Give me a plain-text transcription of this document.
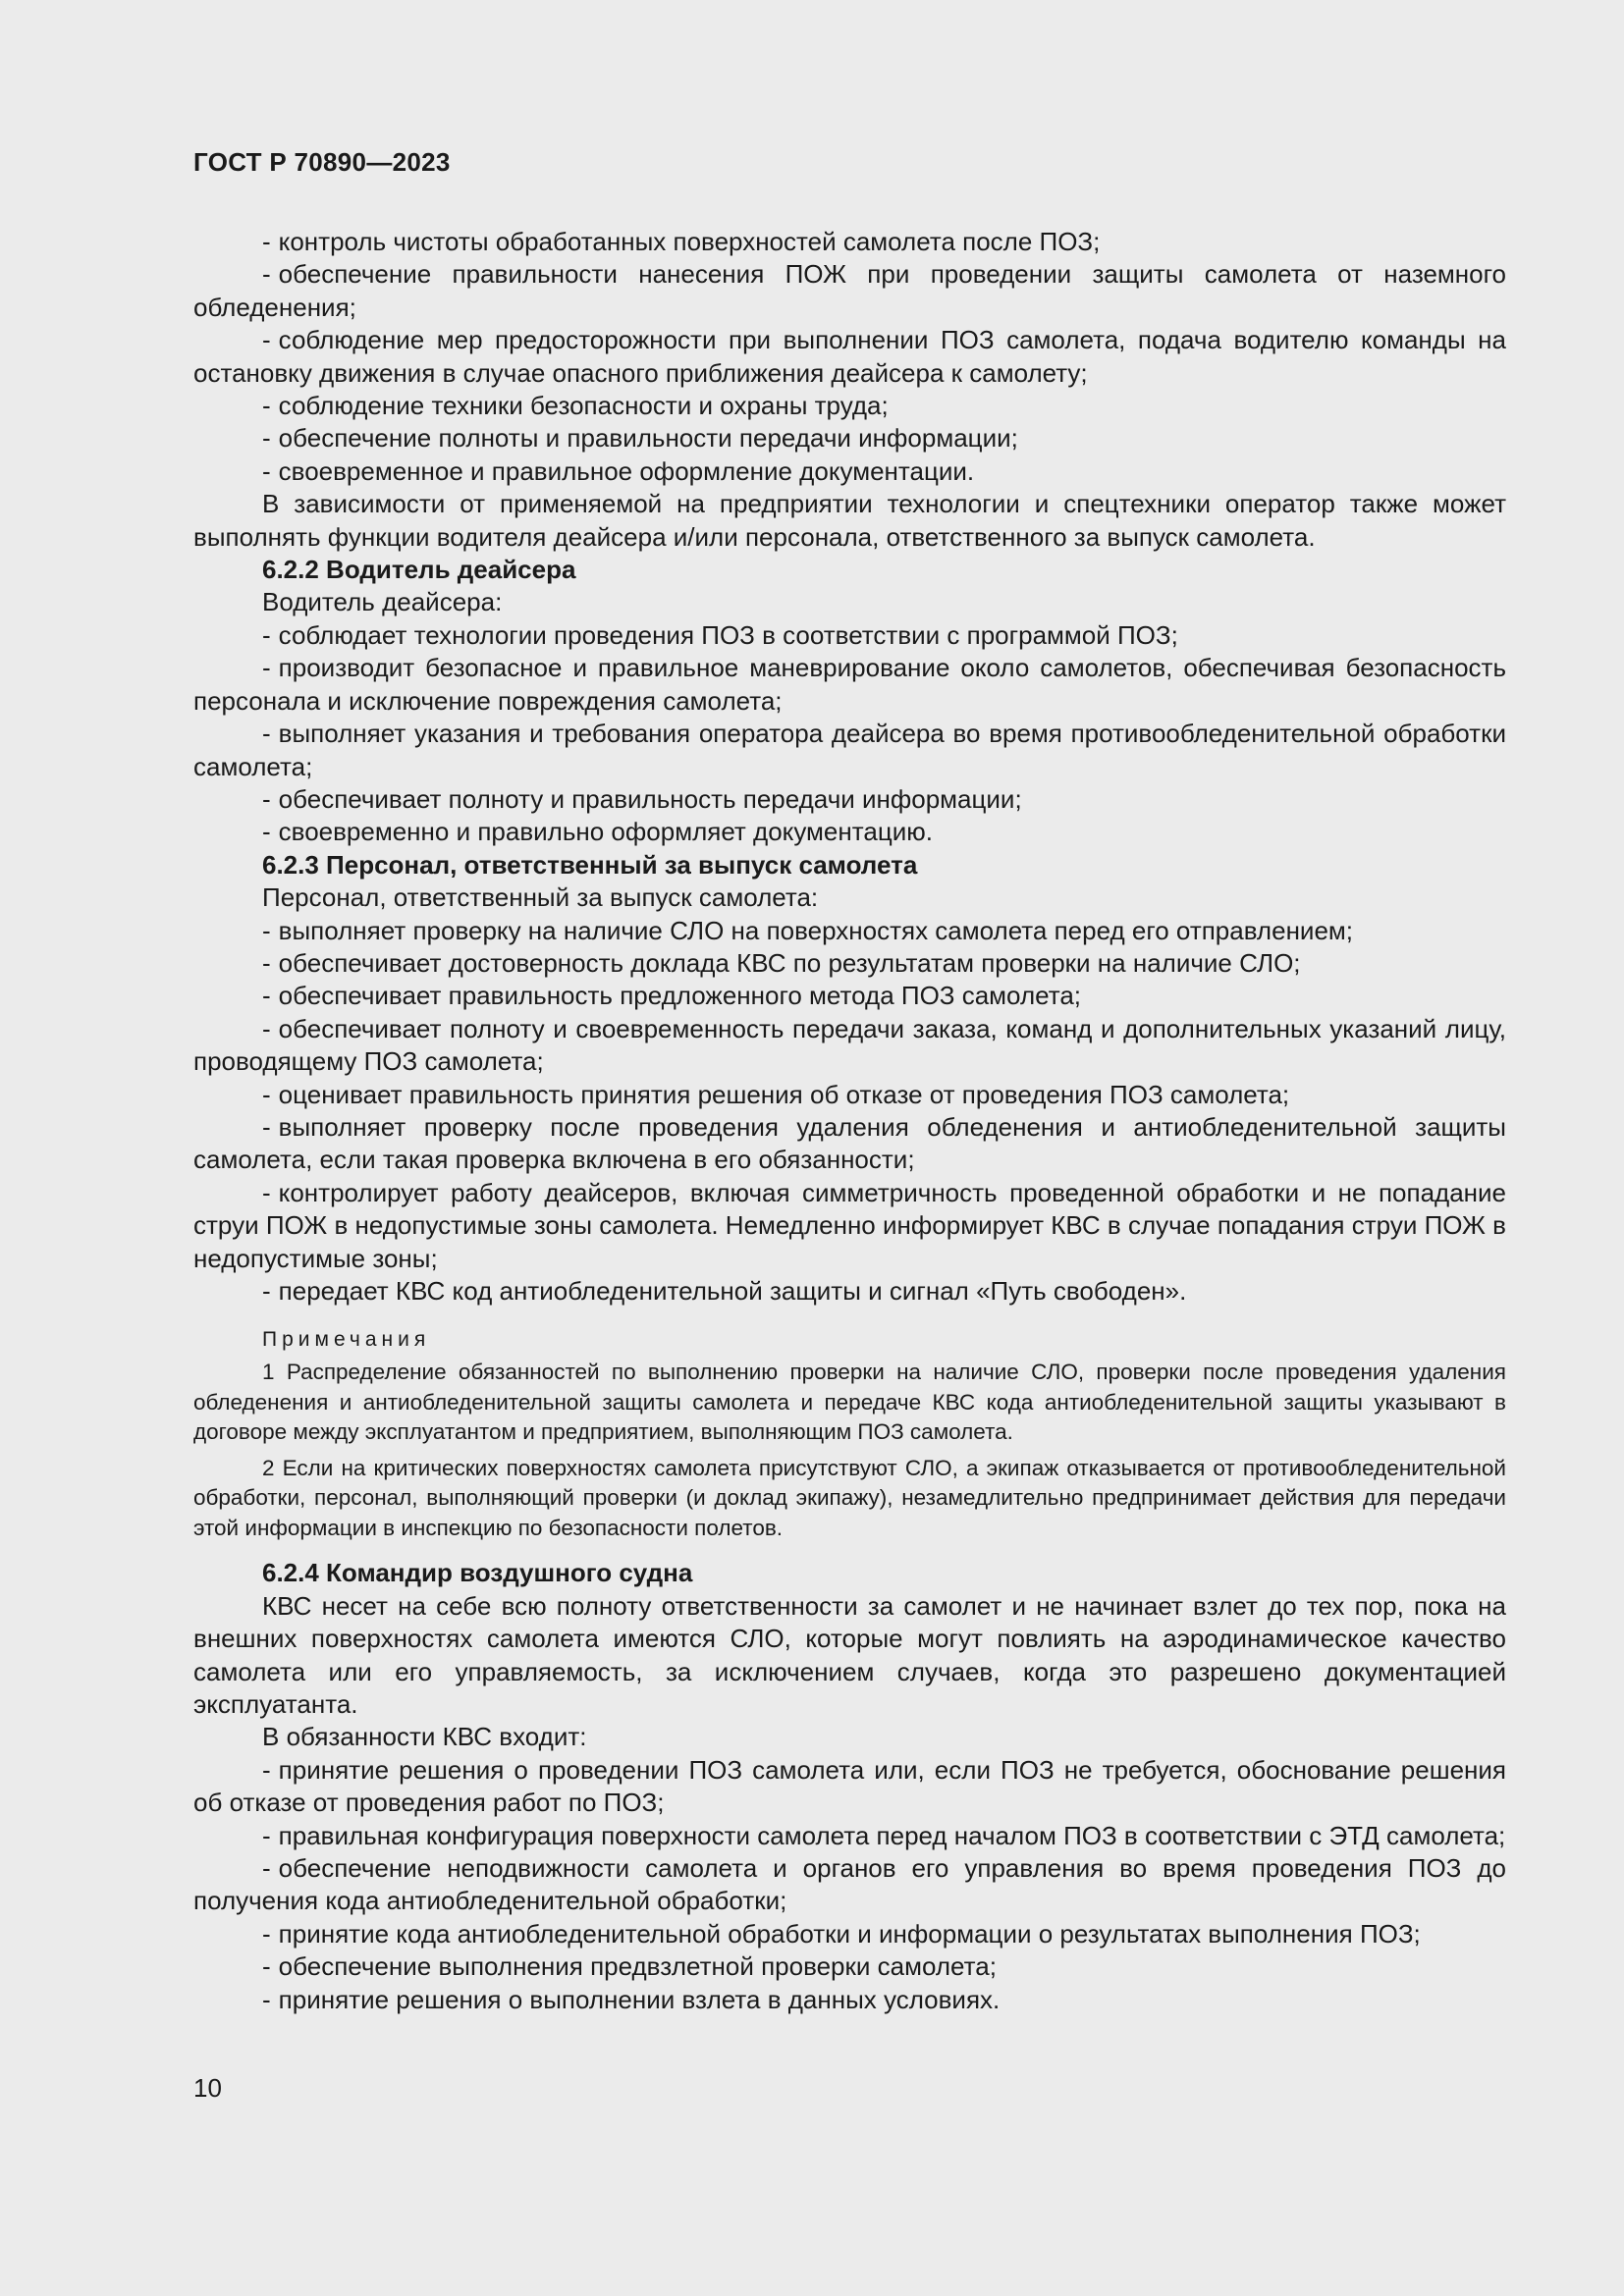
ГОСТ Р 70890—2023

- контроль чистоты обработанных поверхностей самолета после ПОЗ;

- обеспечение правильности нанесения ПОЖ при проведении защиты самолета от наземного обледенения;

- соблюдение мер предосторожности при выполнении ПОЗ самолета, подача водителю команды на остановку движения в случае опасного приближения деайсера к самолету;

- соблюдение техники безопасности и охраны труда;

- обеспечение полноты и правильности передачи информации;

- своевременное и правильное оформление документации.

В зависимости от применяемой на предприятии технологии и спецтехники оператор также может выполнять функции водителя деайсера и/или персонала, ответственного за выпуск самолета.

6.2.2 Водитель деайсера

Водитель деайсера:

- соблюдает технологии проведения ПОЗ в соответствии с программой ПОЗ;

- производит безопасное и правильное маневрирование около самолетов, обеспечивая безопасность персонала и исключение повреждения самолета;

- выполняет указания и требования оператора деайсера во время противообледенительной обработки самолета;

- обеспечивает полноту и правильность передачи информации;

- своевременно и правильно оформляет документацию.

6.2.3 Персонал, ответственный за выпуск самолета

Персонал, ответственный за выпуск самолета:

- выполняет проверку на наличие СЛО на поверхностях самолета перед его отправлением;

- обеспечивает достоверность доклада КВС по результатам проверки на наличие СЛО;

- обеспечивает правильность предложенного метода ПОЗ самолета;

- обеспечивает полноту и своевременность передачи заказа, команд и дополнительных указаний лицу, проводящему ПОЗ самолета;

- оценивает правильность принятия решения об отказе от проведения ПОЗ самолета;

- выполняет проверку после проведения удаления обледенения и антиобледенительной защиты самолета, если такая проверка включена в его обязанности;

- контролирует работу деайсеров, включая симметричность проведенной обработки и не попадание струи ПОЖ в недопустимые зоны самолета. Немедленно информирует КВС в случае попадания струи ПОЖ в недопустимые зоны;

- передает КВС код антиобледенительной защиты и сигнал «Путь свободен».

Примечания

1 Распределение обязанностей по выполнению проверки на наличие СЛО, проверки после проведения удаления обледенения и антиобледенительной защиты самолета и передаче КВС кода антиобледенительной защиты указывают в договоре между эксплуатантом и предприятием, выполняющим ПОЗ самолета.

2 Если на критических поверхностях самолета присутствуют СЛО, а экипаж отказывается от противообледенительной обработки, персонал, выполняющий проверки (и доклад экипажу), незамедлительно предпринимает действия для передачи этой информации в инспекцию по безопасности полетов.

6.2.4 Командир воздушного судна

КВС несет на себе всю полноту ответственности за самолет и не начинает взлет до тех пор, пока на внешних поверхностях самолета имеются СЛО, которые могут повлиять на аэродинамическое качество самолета или его управляемость, за исключением случаев, когда это разрешено документацией эксплуатанта.

В обязанности КВС входит:

- принятие решения о проведении ПОЗ самолета или, если ПОЗ не требуется, обоснование решения об отказе от проведения работ по ПОЗ;

- правильная конфигурация поверхности самолета перед началом ПОЗ в соответствии с ЭТД самолета;

- обеспечение неподвижности самолета и органов его управления во время проведения ПОЗ до получения кода антиобледенительной обработки;

- принятие кода антиобледенительной обработки и информации о результатах выполнения ПОЗ;

- обеспечение выполнения предвзлетной проверки самолета;

- принятие решения о выполнении взлета в данных условиях.

10
